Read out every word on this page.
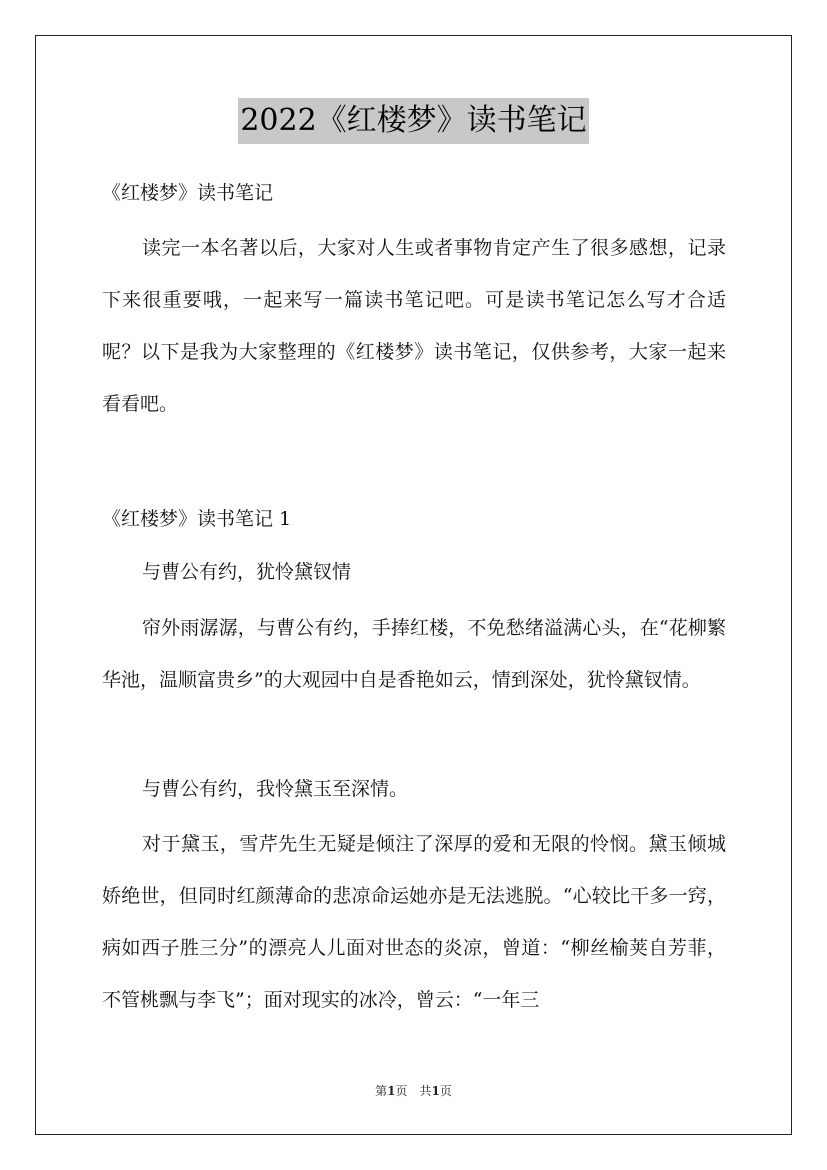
2022《红楼梦》读书笔记

《红楼梦》读书笔记

读完一本名著以后，大家对人生或者事物肯定产生了很多感想，记录下来很重要哦，一起来写一篇读书笔记吧。可是读书笔记怎么写才合适呢？以下是我为大家整理的《红楼梦》读书笔记，仅供参考，大家一起来看看吧。

《红楼梦》读书笔记 1

与曹公有约，犹怜黛钗情

帘外雨潺潺，与曹公有约，手捧红楼，不免愁绪溢满心头，在“花柳繁华池，温顺富贵乡”的大观园中自是香艳如云，情到深处，犹怜黛钗情。

与曹公有约，我怜黛玉至深情。

对于黛玉，雪芹先生无疑是倾注了深厚的爱和无限的怜悯。黛玉倾城娇绝世，但同时红颜薄命的悲凉命运她亦是无法逃脱。“心较比干多一窍，病如西子胜三分”的漂亮人儿面对世态的炎凉，曾道：“柳丝榆荚自芳菲，不管桃飘与李飞”；面对现实的冰冷，曾云：“一年三

第1页 共1页
